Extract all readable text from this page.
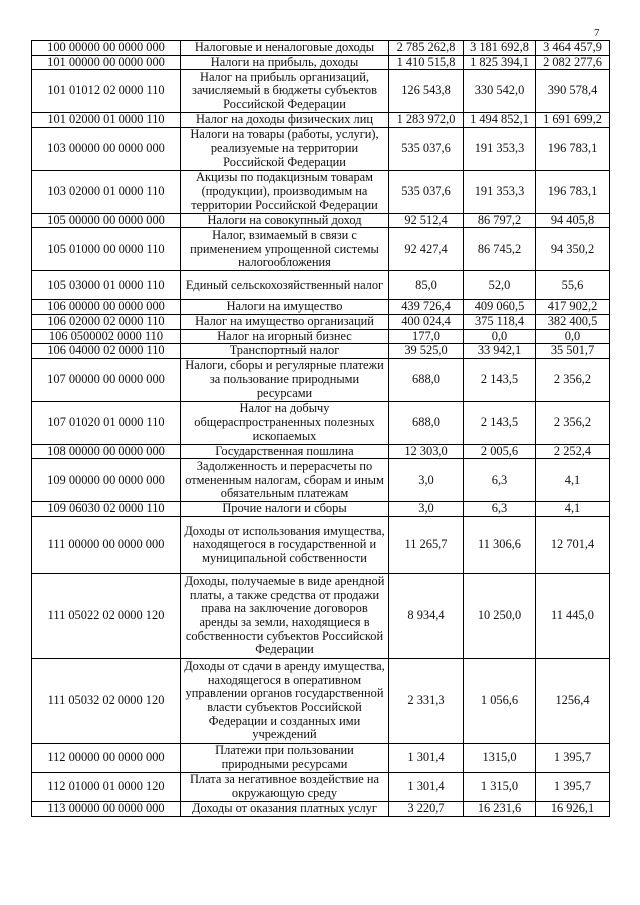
7
100 00000 00 0000 000	Налоговые и неналоговые доходы	2 785 262,8	3 181 692,8	3 464 457,9
101 00000 00 0000 000	Налоги на прибыль, доходы	1 410 515,8	1 825 394,1	2 082 277,6
101 01012 02 0000 110	Налог на прибыль организаций, зачисляемый в бюджеты субъектов Российской Федерации	126 543,8	330 542,0	390 578,4
101 02000 01 0000 110	Налог на доходы физических лиц	1 283 972,0	1 494 852,1	1 691 699,2
103 00000 00 0000 000	Налоги на товары (работы, услуги), реализуемые на территории Российской Федерации	535 037,6	191 353,3	196 783,1
103 02000 01 0000 110	Акцизы по подакцизным товарам (продукции), производимым на территории Российской Федерации	535 037,6	191 353,3	196 783,1
105 00000 00 0000 000	Налоги на совокупный доход	92 512,4	86 797,2	94 405,8
105 01000 00 0000 110	Налог, взимаемый в связи с применением упрощенной системы налогообложения	92 427,4	86 745,2	94 350,2
105 03000 01 0000 110	Единый сельскохозяйственный налог	85,0	52,0	55,6
106 00000 00 0000 000	Налоги на имущество	439 726,4	409 060,5	417 902,2
106 02000 02 0000 110	Налог на имущество организаций	400 024,4	375 118,4	382 400,5
106 0500002 0000 110	Налог на игорный бизнес	177,0	0,0	0,0
106 04000 02 0000 110	Транспортный налог	39 525,0	33 942,1	35 501,7
107 00000 00 0000 000	Налоги, сборы и регулярные платежи за пользование природными ресурсами	688,0	2 143,5	2 356,2
107 01020 01 0000 110	Налог на добычу общераспространенных полезных ископаемых	688,0	2 143,5	2 356,2
108 00000 00 0000 000	Государственная пошлина	12 303,0	2 005,6	2 252,4
109 00000 00 0000 000	Задолженность и перерасчеты по отмененным налогам, сборам и иным обязательным платежам	3,0	6,3	4,1
109 06030 02 0000 110	Прочие налоги и сборы	3,0	6,3	4,1
111 00000 00 0000 000	Доходы от использования имущества, находящегося в государственной и муниципальной собственности	11 265,7	11 306,6	12 701,4
111 05022 02 0000 120	Доходы, получаемые в виде арендной платы, а также средства от продажи права на заключение договоров аренды за земли, находящиеся в собственности субъектов Российской Федерации	8 934,4	10 250,0	11 445,0
111 05032 02 0000 120	Доходы от сдачи в аренду имущества, находящегося в оперативном управлении органов государственной власти субъектов Российской Федерации и созданных ими учреждений	2 331,3	1 056,6	1256,4
112 00000 00 0000 000	Платежи при пользовании природными ресурсами	1 301,4	1315,0	1 395,7
112 01000 01 0000 120	Плата за негативное воздействие на окружающую среду	1 301,4	1 315,0	1 395,7
113 00000 00 0000 000	Доходы от оказания платных услуг	3 220,7	16 231,6	16 926,1
